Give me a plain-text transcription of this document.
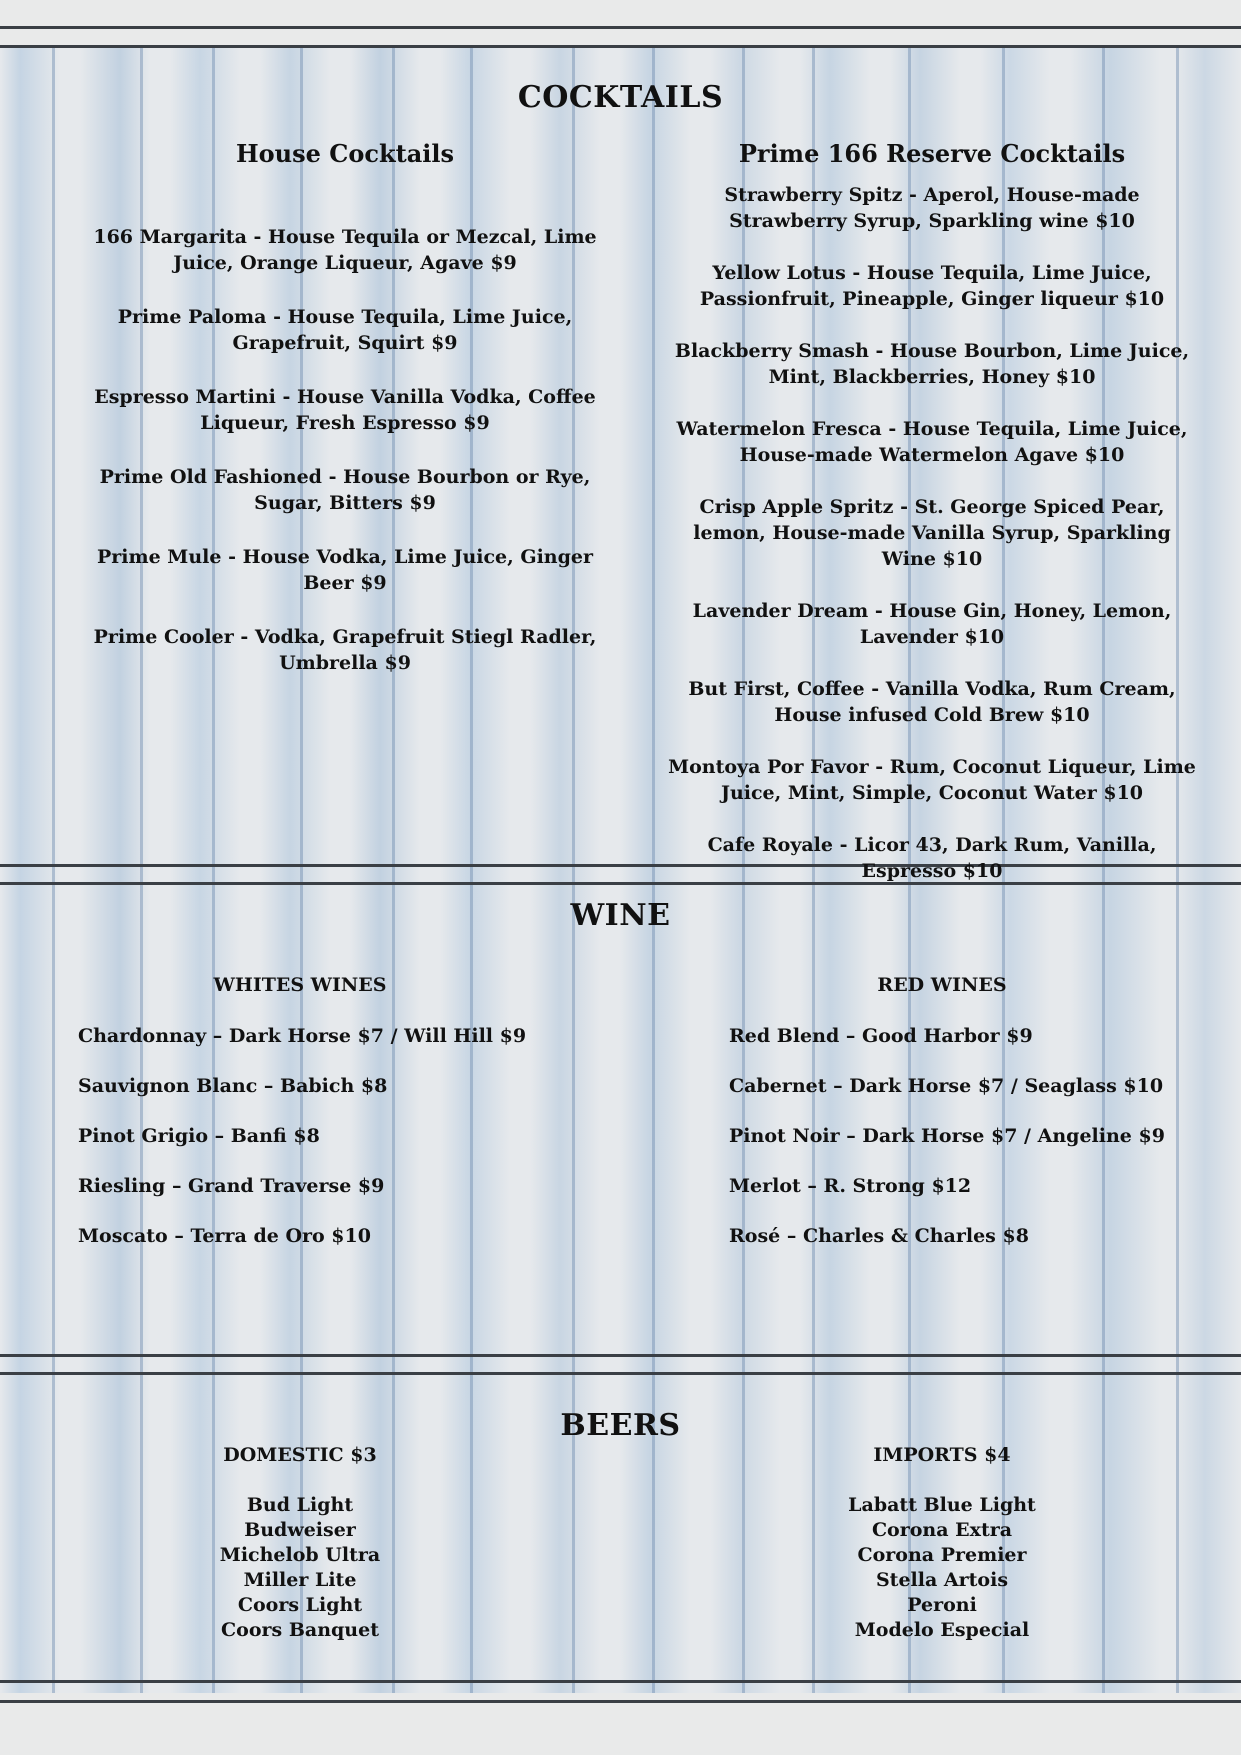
COCKTAILS

House Cocktails

166 Margarita - House Tequila or Mezcal, Lime Juice, Orange Liqueur, Agave $9

Prime Paloma - House Tequila, Lime Juice, Grapefruit, Squirt $9

Espresso Martini - House Vanilla Vodka, Coffee Liqueur, Fresh Espresso $9

Prime Old Fashioned - House Bourbon or Rye, Sugar, Bitters $9

Prime Mule - House Vodka, Lime Juice, Ginger Beer $9

Prime Cooler - Vodka, Grapefruit Stiegl Radler, Umbrella $9

Prime 166 Reserve Cocktails

Strawberry Spitz - Aperol, House-made Strawberry Syrup, Sparkling wine $10

Yellow Lotus - House Tequila, Lime Juice, Passionfruit, Pineapple, Ginger liqueur $10

Blackberry Smash - House Bourbon, Lime Juice, Mint, Blackberries, Honey $10

Watermelon Fresca - House Tequila, Lime Juice, House-made Watermelon Agave $10

Crisp Apple Spritz - St. George Spiced Pear, lemon, House-made Vanilla Syrup, Sparkling Wine $10

Lavender Dream - House Gin, Honey, Lemon, Lavender $10

But First, Coffee - Vanilla Vodka, Rum Cream, House infused Cold Brew $10

Montoya Por Favor - Rum, Coconut Liqueur, Lime Juice, Mint, Simple, Coconut Water $10

Cafe Royale - Licor 43, Dark Rum, Vanilla, Espresso $10

WINE
WHITES WINES
Chardonnay – Dark Horse $7 / Will Hill $9
Sauvignon Blanc – Babich $8
Pinot Grigio – Banfi $8
Riesling – Grand Traverse $9
Moscato – Terra de Oro $10
RED WINES
Red Blend – Good Harbor $9
Cabernet – Dark Horse $7 / Seaglass $10
Pinot Noir – Dark Horse $7 / Angeline $9
Merlot – R. Strong $12
Rosé – Charles & Charles $8
BEERS
DOMESTIC $3
Bud Light
Budweiser
Michelob Ultra
Miller Lite
Coors Light
Coors Banquet
IMPORTS $4
Labatt Blue Light
Corona Extra
Corona Premier
Stella Artois
Peroni
Modelo Especial
